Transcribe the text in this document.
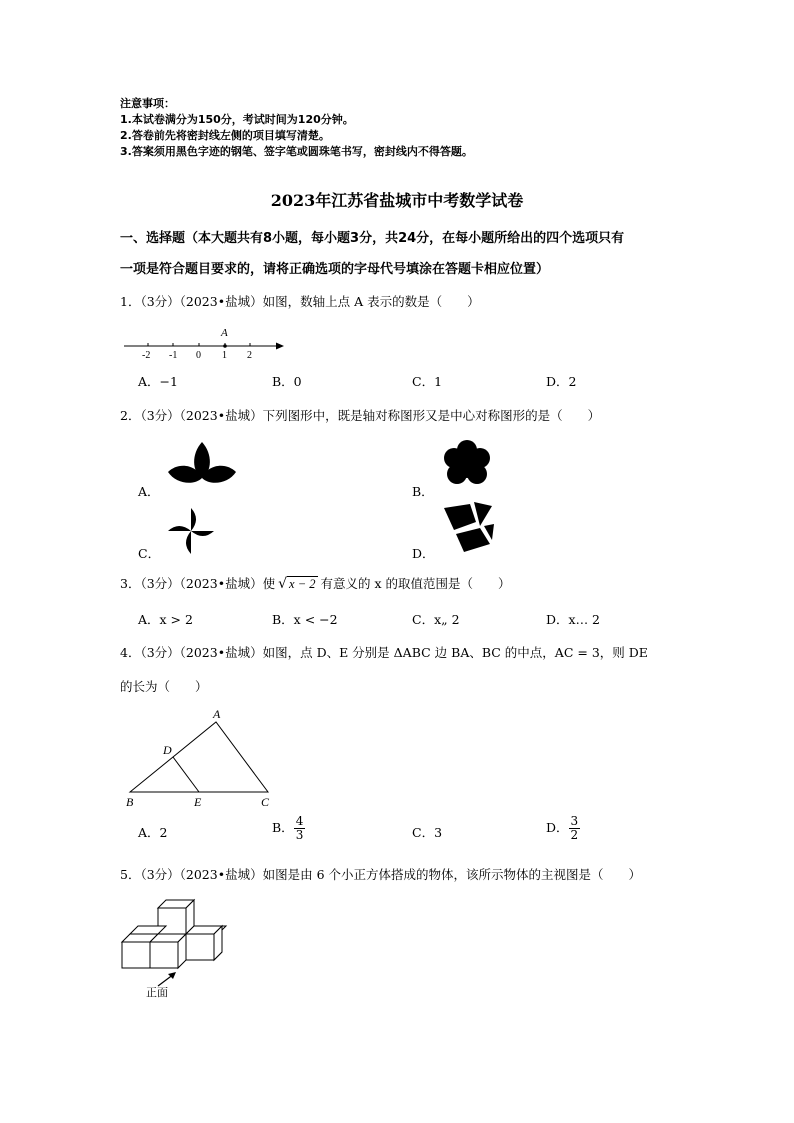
注意事项：
1.本试卷满分为150分，考试时间为120分钟。
2.答卷前先将密封线左侧的项目填写清楚。
3.答案须用黑色字迹的钢笔、签字笔或圆珠笔书写，密封线内不得答题。
2023年江苏省盐城市中考数学试卷
一、选择题（本大题共有8小题，每小题3分，共24分，在每小题所给出的四个选项只有
一项是符合题目要求的，请将正确选项的字母代号填涂在答题卡相应位置）
1．（3分）（2023•盐城）如图，数轴上点 A 表示的数是（　　）
A
-2 -1 0 1 2
A．−1	B．0	C．1	D．2
2．（3分）（2023•盐城）下列图形中，既是轴对称图形又是中心对称图形的是（　　）
A．	B．
C．	D．
3．（3分）（2023•盐城）使 √ x − 2 有意义的 x 的取值范围是（　　）
A．x > 2	B．x < −2	C．x„ 2	D．x… 2
4．（3分）（2023•盐城）如图，点 D、E 分别是 ΔABC 边 BA、BC 的中点，AC = 3，则 DE
的长为（　　）
A
B	C
D
E
A．2	B． $\frac{4}{3}$	C．3	D． $\frac{3}{2}$
5．（3分）（2023•盐城）如图是由 6 个小正方体搭成的物体，该所示物体的主视图是（　　）
正面
